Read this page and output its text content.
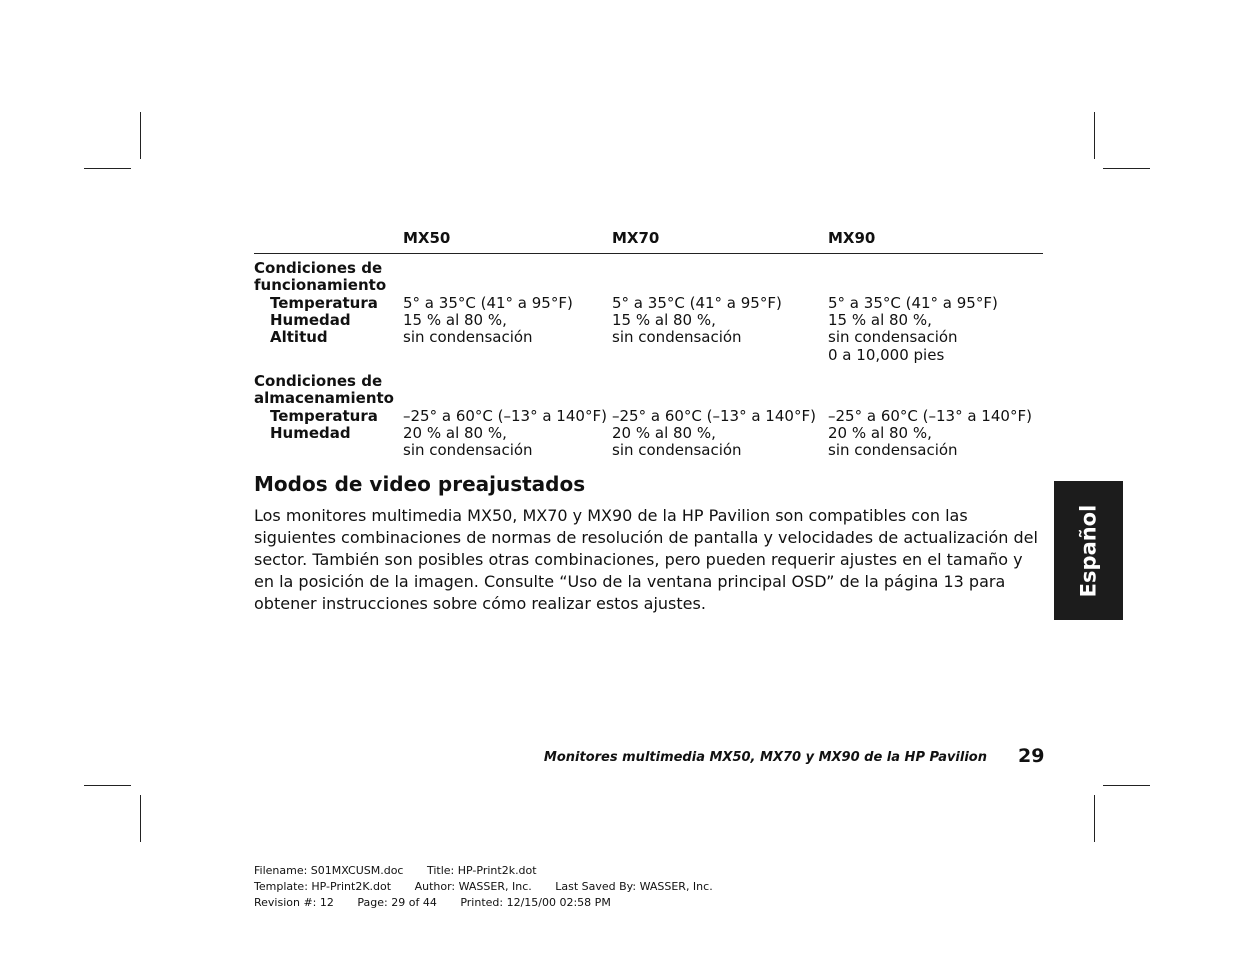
MX50	MX70	MX90
Condiciones de
funcionamiento
Temperatura
Humedad
Altitud
5° a 35°C (41° a 95°F)
15 % al 80 %,
sin condensación
5° a 35°C (41° a 95°F)
15 % al 80 %,
sin condensación
5° a 35°C (41° a 95°F)
15 % al 80 %,
sin condensación
0 a 10,000 pies
Condiciones de
almacenamiento
Temperatura
Humedad
–25° a 60°C (–13° a 140°F)
20 % al 80 %,
sin condensación
–25° a 60°C (–13° a 140°F)
20 % al 80 %,
sin condensación
–25° a 60°C (–13° a 140°F)
20 % al 80 %,
sin condensación
Modos de video preajustados

Los monitores multimedia MX50, MX70 y MX90 de la HP Pavilion son compatibles con las siguientes combinaciones de normas de resolución de pantalla y velocidades de actualización del sector. También son posibles otras combinaciones, pero pueden requerir ajustes en el tamaño y en la posición de la imagen. Consulte “Uso de la ventana principal OSD” de la página 13 para obtener instrucciones sobre cómo realizar estos ajustes.

Español
Monitores multimedia MX50, MX70 y MX90 de la HP Pavilion 29
Filename: S01MXCUSM.doc Title: HP-Print2k.dot
Template: HP-Print2K.dot Author: WASSER, Inc. Last Saved By: WASSER, Inc.
Revision #: 12 Page: 29 of 44 Printed: 12/15/00 02:58 PM
